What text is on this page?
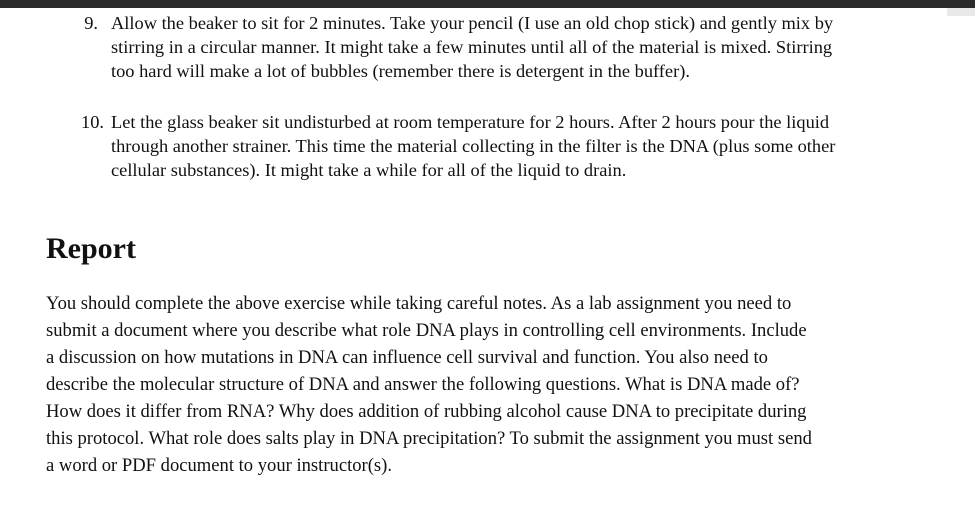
9. Allow the beaker to sit for 2 minutes. Take your pencil (I use an old chop stick) and gently mix by
stirring in a circular manner. It might take a few minutes until all of the material is mixed. Stirring
too hard will make a lot of bubbles (remember there is detergent in the buffer).
10. Let the glass beaker sit undisturbed at room temperature for 2 hours. After 2 hours pour the liquid
through another strainer. This time the material collecting in the filter is the DNA (plus some other
cellular substances). It might take a while for all of the liquid to drain.
Report
You should complete the above exercise while taking careful notes. As a lab assignment you need to
submit a document where you describe what role DNA plays in controlling cell environments. Include
a discussion on how mutations in DNA can influence cell survival and function. You also need to
describe the molecular structure of DNA and answer the following questions. What is DNA made of?
How does it differ from RNA? Why does addition of rubbing alcohol cause DNA to precipitate during
this protocol. What role does salts play in DNA precipitation? To submit the assignment you must send
a word or PDF document to your instructor(s).
